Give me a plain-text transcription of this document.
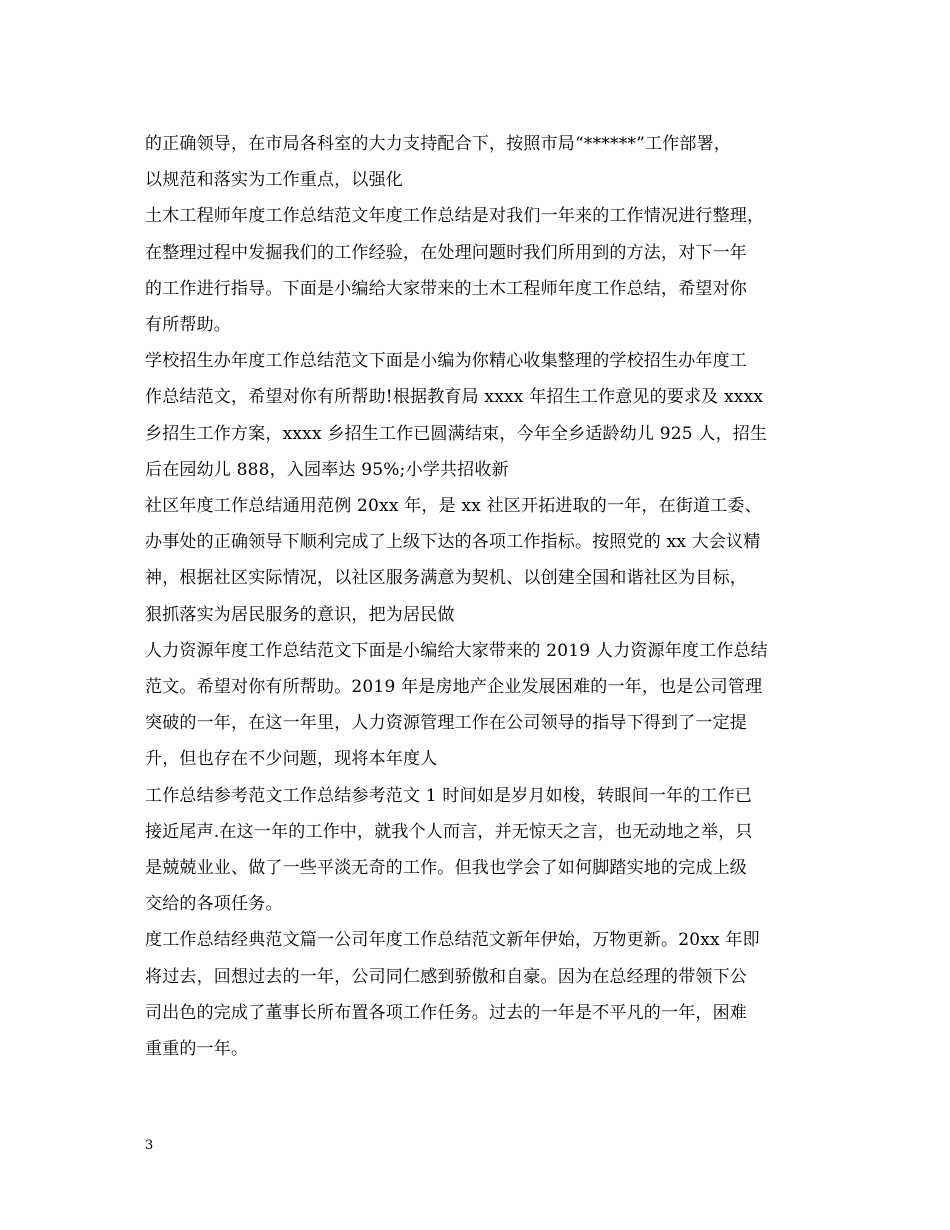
的正确领导，在市局各科室的大力支持配合下，按照市局“******”工作部署，
以规范和落实为工作重点，以强化

土木工程师年度工作总结范文年度工作总结是对我们一年来的工作情况进行整理，
在整理过程中发掘我们的工作经验，在处理问题时我们所用到的方法，对下一年
的工作进行指导。下面是小编给大家带来的土木工程师年度工作总结，希望对你
有所帮助。

学校招生办年度工作总结范文下面是小编为你精心收集整理的学校招生办年度工
作总结范文，希望对你有所帮助!根据教育局 xxxx 年招生工作意见的要求及 xxxx
乡招生工作方案，xxxx 乡招生工作已圆满结束，今年全乡适龄幼儿 925 人，招生
后在园幼儿 888，入园率达 95%;小学共招收新

社区年度工作总结通用范例 20xx 年，是 xx 社区开拓进取的一年，在街道工委、
办事处的正确领导下顺利完成了上级下达的各项工作指标。按照党的 xx 大会议精
神，根据社区实际情况，以社区服务满意为契机、以创建全国和谐社区为目标，
狠抓落实为居民服务的意识，把为居民做

人力资源年度工作总结范文下面是小编给大家带来的 2019 人力资源年度工作总结
范文。希望对你有所帮助。2019 年是房地产企业发展困难的一年，也是公司管理
突破的一年，在这一年里，人力资源管理工作在公司领导的指导下得到了一定提
升，但也存在不少问题，现将本年度人

工作总结参考范文工作总结参考范文 1 时间如是岁月如梭，转眼间一年的工作已
接近尾声.在这一年的工作中，就我个人而言，并无惊天之言，也无动地之举，只
是兢兢业业、做了一些平淡无奇的工作。但我也学会了如何脚踏实地的完成上级
交给的各项任务。

度工作总结经典范文篇一公司年度工作总结范文新年伊始，万物更新。20xx 年即
将过去，回想过去的一年，公司同仁感到骄傲和自豪。因为在总经理的带领下公
司出色的完成了董事长所布置各项工作任务。过去的一年是不平凡的一年，困难
重重的一年。

3
